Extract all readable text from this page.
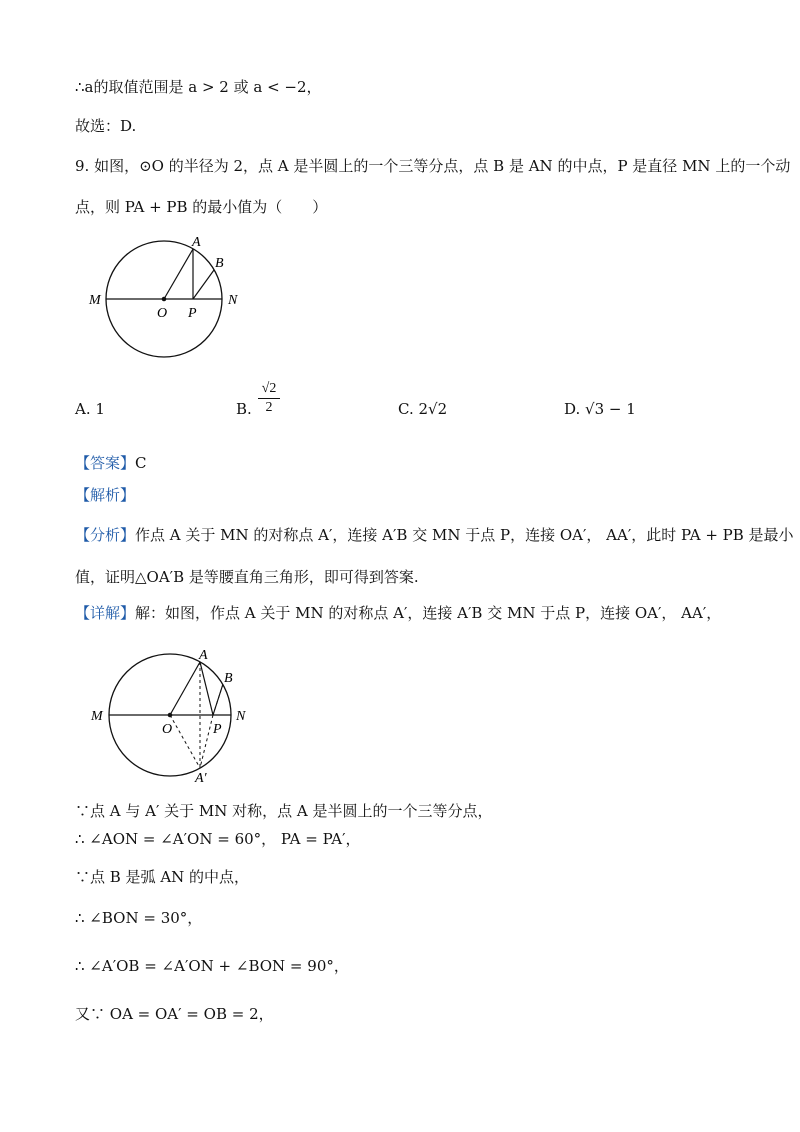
∴a的取值范围是 a > 2 或 a < −2，
故选：D.
9. 如图，⊙O 的半径为 2，点 A 是半圆上的一个三等分点，点 B 是 AN 的中点，P 是直径 MN 上的一个动
点，则 PA + PB 的最小值为（　　）
M
O P
N
A
B
A. 1	B. $\frac{√2}{2}$	C. 2√2	D. √3 − 1
【答案】C
【解析】
【分析】作点 A 关于 MN 的对称点 A′，连接 A′B 交 MN 于点 P，连接 OA′， AA′，此时 PA + PB 是最小
值，证明△OA′B 是等腰直角三角形，即可得到答案.
【详解】解：如图，作点 A 关于 MN 的对称点 A′，连接 A′B 交 MN 于点 P，连接 OA′， AA′，
M
O	P
N
A
B
A′
∵点 A 与 A′ 关于 MN 对称，点 A 是半圆上的一个三等分点，
∴ ∠AON = ∠A′ON = 60°， PA = PA′，
∵点 B 是弧 AN 的中点，
∴ ∠BON = 30°，
∴ ∠A′OB = ∠A′ON + ∠BON = 90°，
又∵ OA = OA′ = OB = 2，
